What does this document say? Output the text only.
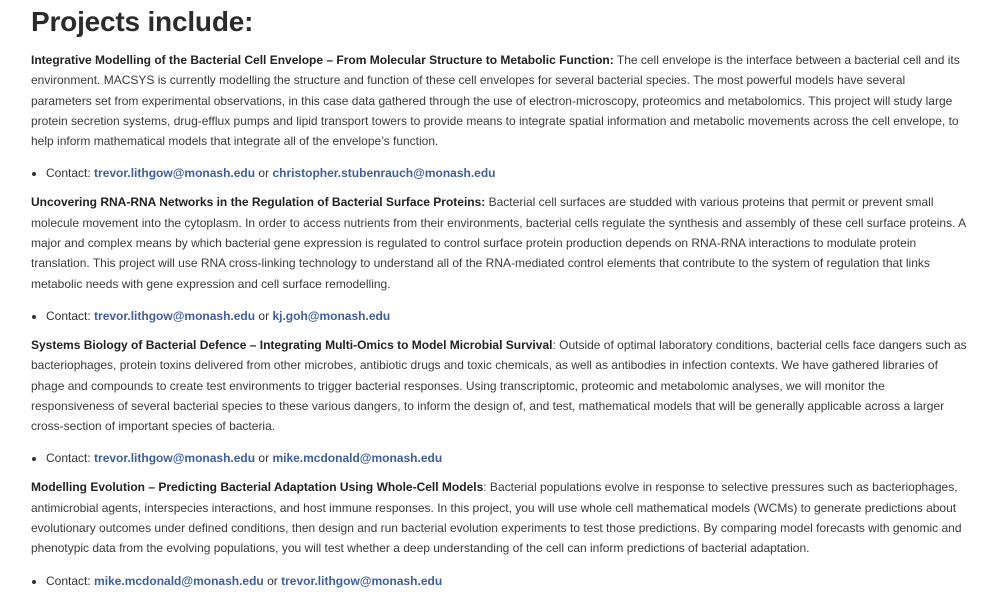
Projects include:

Integrative Modelling of the Bacterial Cell Envelope – From Molecular Structure to Metabolic Function: The cell envelope is the interface between a bacterial cell and its environment. MACSYS is currently modelling the structure and function of these cell envelopes for several bacterial species. The most powerful models have several parameters set from experimental observations, in this case data gathered through the use of electron-microscopy, proteomics and metabolomics. This project will study large protein secretion systems, drug-efflux pumps and lipid transport towers to provide means to integrate spatial information and metabolic movements across the cell envelope, to help inform mathematical models that integrate all of the envelope’s function.

• Contact: trevor.lithgow@monash.edu or christopher.stubenrauch@monash.edu

Uncovering RNA-RNA Networks in the Regulation of Bacterial Surface Proteins: Bacterial cell surfaces are studded with various proteins that permit or prevent small molecule movement into the cytoplasm. In order to access nutrients from their environments, bacterial cells regulate the synthesis and assembly of these cell surface proteins. A major and complex means by which bacterial gene expression is regulated to control surface protein production depends on RNA-RNA interactions to modulate protein translation. This project will use RNA cross-linking technology to understand all of the RNA-mediated control elements that contribute to the system of regulation that links metabolic needs with gene expression and cell surface remodelling.

• Contact: trevor.lithgow@monash.edu or kj.goh@monash.edu

Systems Biology of Bacterial Defence – Integrating Multi-Omics to Model Microbial Survival: Outside of optimal laboratory conditions, bacterial cells face dangers such as bacteriophages, protein toxins delivered from other microbes, antibiotic drugs and toxic chemicals, as well as antibodies in infection contexts. We have gathered libraries of phage and compounds to create test environments to trigger bacterial responses. Using transcriptomic, proteomic and metabolomic analyses, we will monitor the responsiveness of several bacterial species to these various dangers, to inform the design of, and test, mathematical models that will be generally applicable across a larger cross-section of important species of bacteria.

• Contact: trevor.lithgow@monash.edu or mike.mcdonald@monash.edu

Modelling Evolution – Predicting Bacterial Adaptation Using Whole-Cell Models: Bacterial populations evolve in response to selective pressures such as bacteriophages, antimicrobial agents, interspecies interactions, and host immune responses. In this project, you will use whole cell mathematical models (WCMs) to generate predictions about evolutionary outcomes under defined conditions, then design and run bacterial evolution experiments to test those predictions. By comparing model forecasts with genomic and phenotypic data from the evolving populations, you will test whether a deep understanding of the cell can inform predictions of bacterial adaptation.

• Contact: mike.mcdonald@monash.edu or trevor.lithgow@monash.edu
